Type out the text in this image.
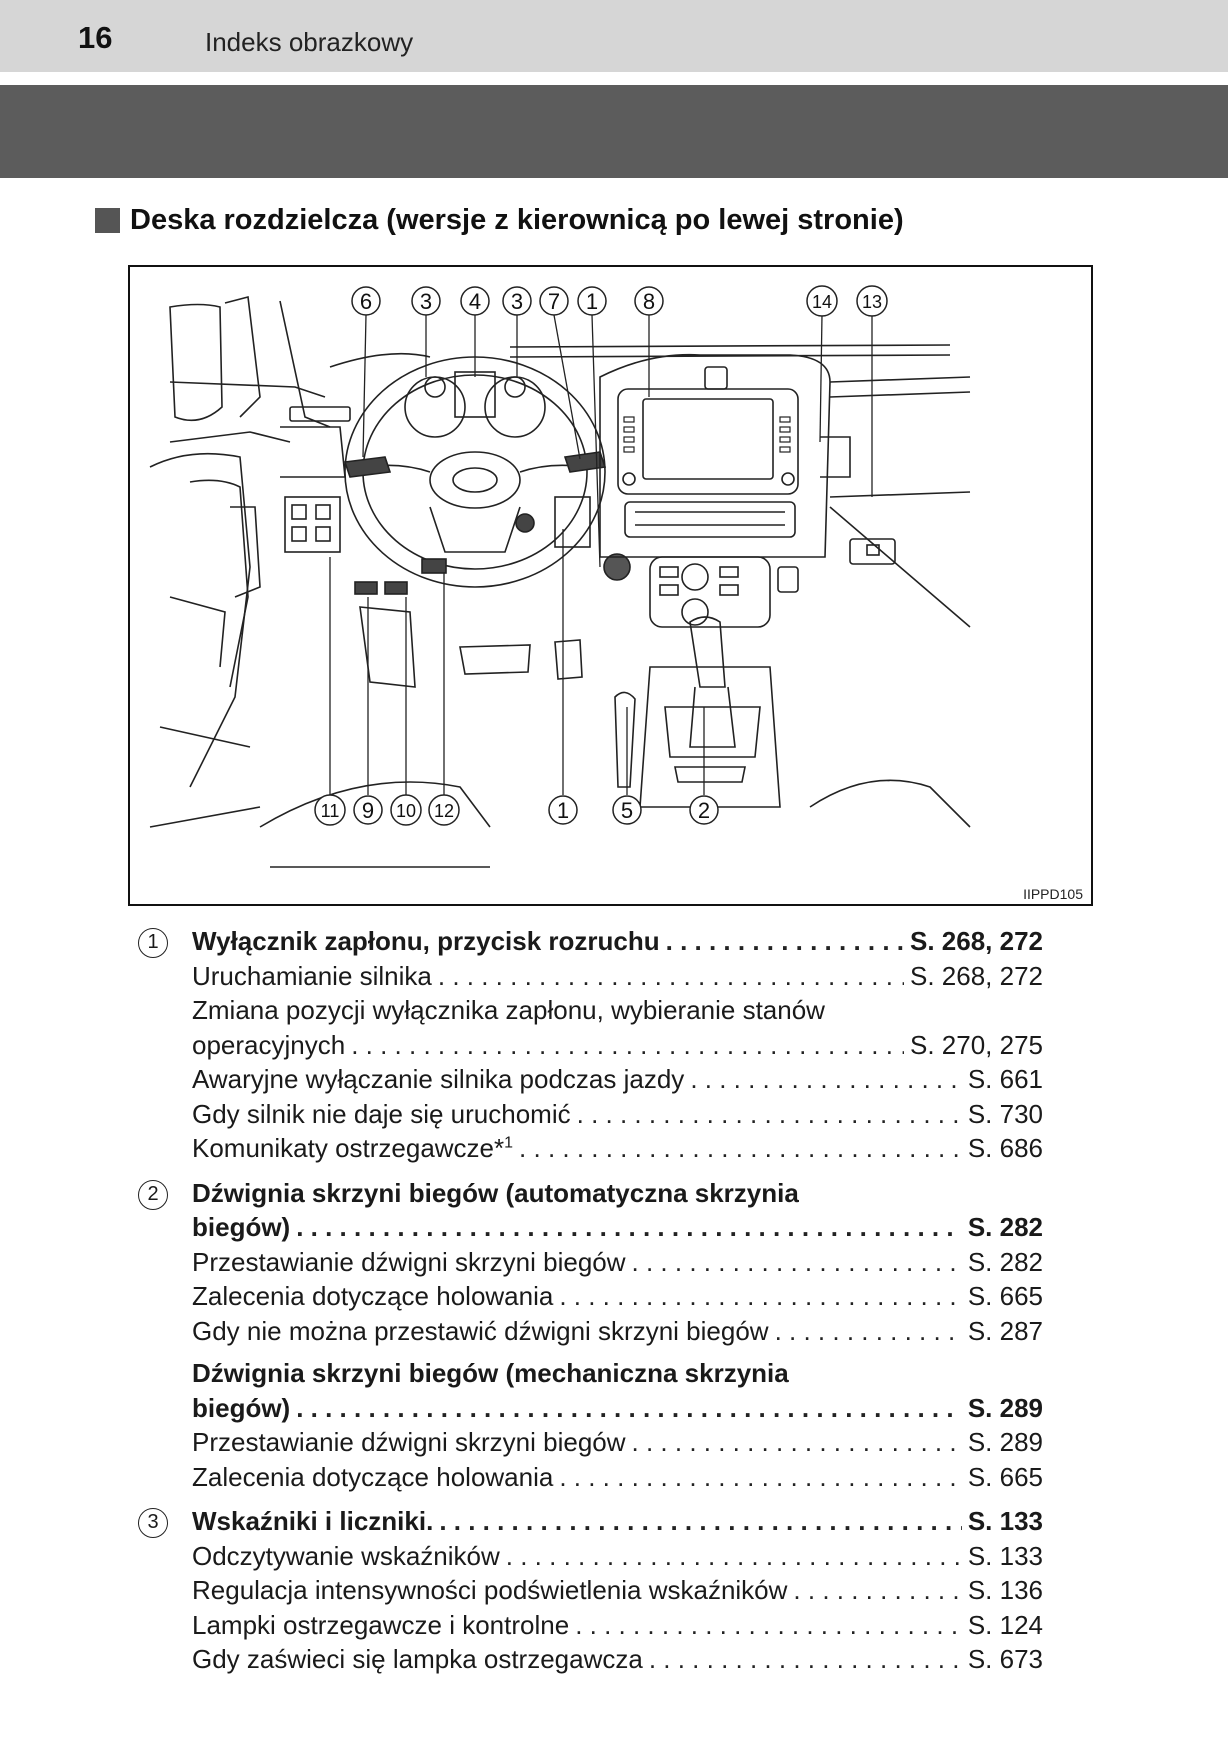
16	Indeks obrazkowy
Deska rozdzielcza (wersje z kierownicą po lewej stronie)
6 3 4 3 7 1 8	14 13
11 9 10 12	1 5	2
IIPPD105
1	Wyłącznik zapłonu, przycisk rozruchu . . .	S. 268, 272
Uruchamianie silnika . . .	S. 268, 272
Zmiana pozycji wyłącznika zapłonu, wybieranie stanów
operacyjnych . . .	S. 270, 275
Awaryjne wyłączanie silnika podczas jazdy . . .	S. 661
Gdy silnik nie daje się uruchomić . . .	S. 730
Komunikaty ostrzegawcze*$^1$ . . .	S. 686
2	Dźwignia skrzyni biegów (automatyczna skrzynia
biegów) . . .	S. 282
Przestawianie dźwigni skrzyni biegów . . .	S. 282
Zalecenia dotyczące holowania . . .	S. 665
Gdy nie można przestawić dźwigni skrzyni biegów . . .	S. 287
Dźwignia skrzyni biegów (mechaniczna skrzynia
biegów) . . .	S. 289
Przestawianie dźwigni skrzyni biegów . . .	S. 289
Zalecenia dotyczące holowania . . .	S. 665
3	Wskaźniki i liczniki. . . .	S. 133
Odczytywanie wskaźników . . .	S. 133
Regulacja intensywności podświetlenia wskaźników . . .	S. 136
Lampki ostrzegawcze i kontrolne . . .	S. 124
Gdy zaświeci się lampka ostrzegawcza . . .	S. 673
